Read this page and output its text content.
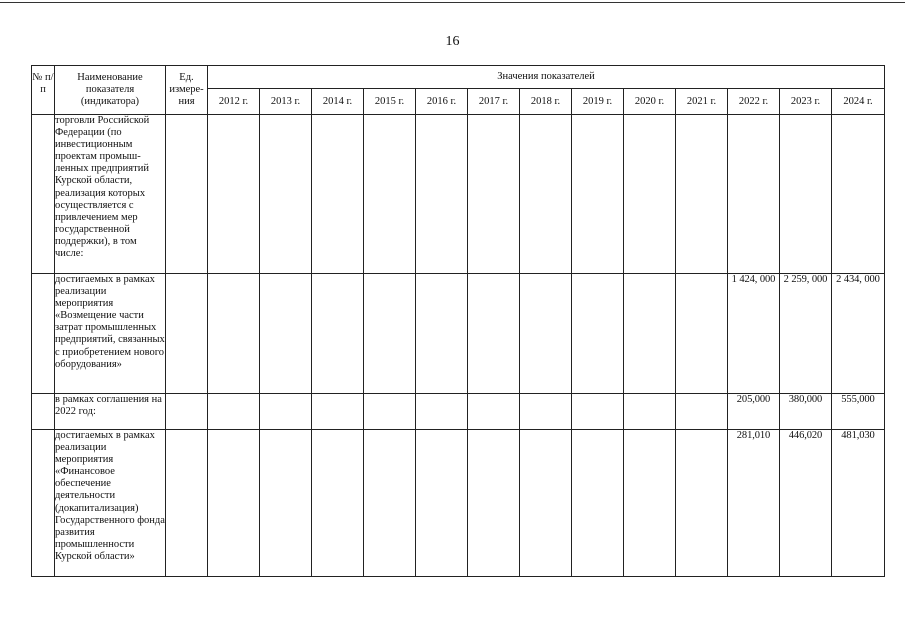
16
№ п/п	Наименование показателя (индикатора)	Ед. измере-ния	Значения показателей												
			2012 г.	2013 г.	2014 г.	2015 г.	2016 г.	2017 г.	2018 г.	2019 г.	2020 г.	2021 г.	2022 г.	2023 г.	2024 г.
	торговли Российской Федерации (по инвестиционным проектам промыш-ленных предприятий Курской области, реализация которых осуществляется с привлечением мер государственной поддержки), в том числе:														
	достигаемых в рамках реализации мероприятия «Возмещение части затрат промышленных предприятий, связанных с приобретением нового оборудования»												1 424, 000	2 259, 000	2 434, 000
	в рамках соглашения на 2022 год:												205,000	380,000	555,000
	достигаемых в рамках реализации мероприятия «Финансовое обеспечение деятельности (докапитализация) Государственного фонда развития промышленности Курской области»												281,010	446,020	481,030
